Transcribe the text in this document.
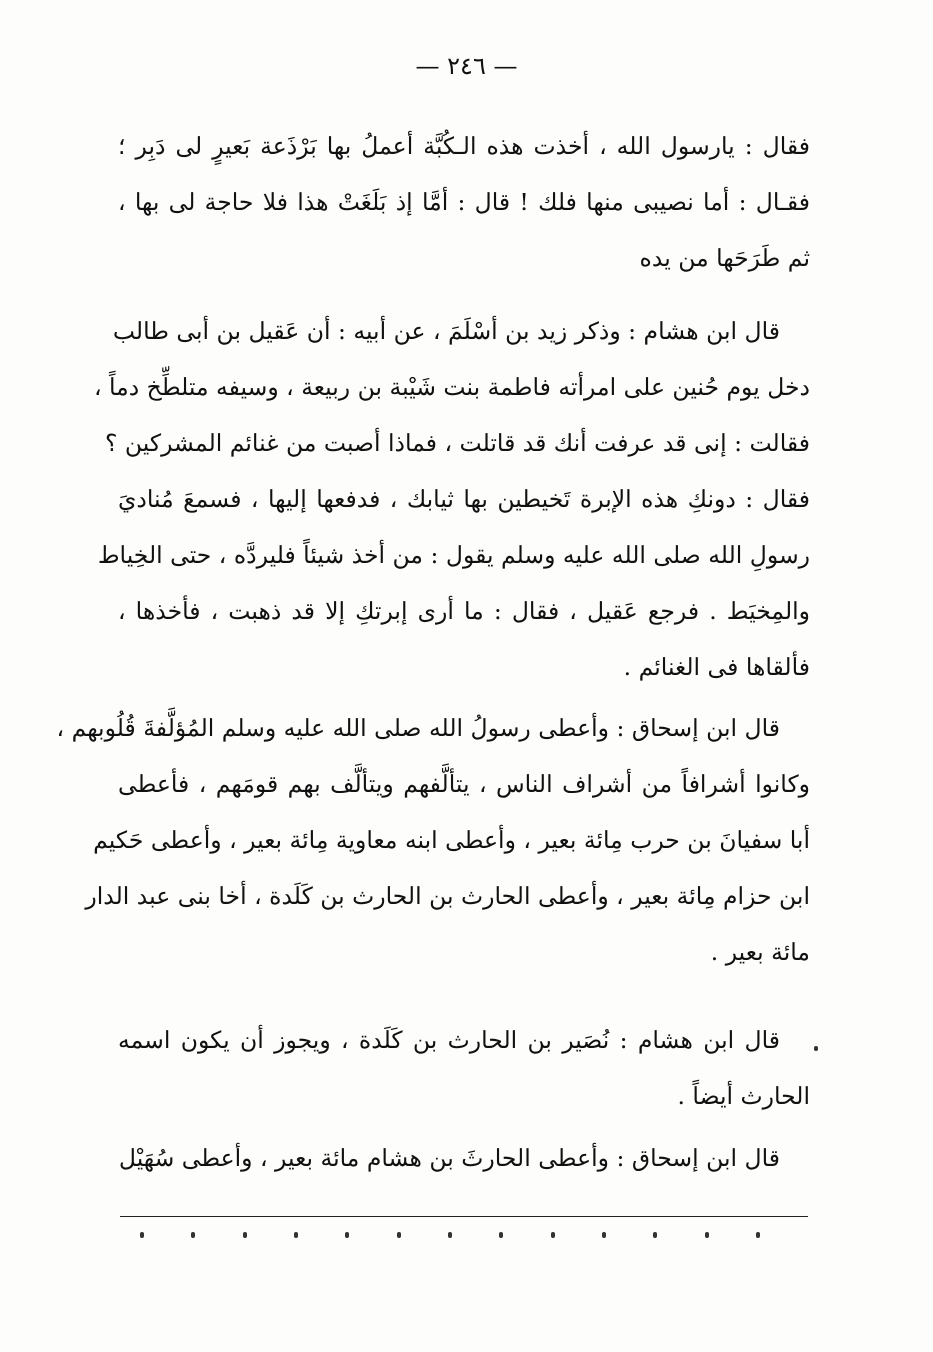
— ٢٤٦ —
فقال : يارسول الله ، أخذت هذه الـكُبَّة أعملُ بها بَرْذَعة بَعيرٍ لى دَبِر ؛
فقـال : أما نصيبى منها فلك ! قال : أمَّا إذ بَلَغَتْ هذا فلا حاجة لى بها ،
ثم طَرَحَها من يده
قال ابن هشام : وذكر زيد بن أسْلَمَ ، عن أبيه : أن عَقيل بن أبى طالب
دخل يوم حُنين على امرأته فاطمة بنت شَيْبة بن ربيعة ، وسيفه متلطِّخ دماً ،
فقالت : إنى قد عرفت أنك قد قاتلت ، فماذا أصبت من غنائم المشركين ؟
فقال : دونكِ هذه الإبرة تَخيطين بها ثيابك ، فدفعها إليها ، فسمعَ مُناديَ
رسولِ الله صلى الله عليه وسلم يقول : من أخذ شيئاً فليردَّه ، حتى الخِياط
والمِخيَط . فرجع عَقيل ، فقال : ما أرى إبرتكِ إلا قد ذهبت ، فأخذها ،
فألقاها فى الغنائم .
قال ابن إسحاق : وأعطى رسولُ الله صلى الله عليه وسلم المُؤلَّفةَ قُلُوبهم ،
وكانوا أشرافاً من أشراف الناس ، يتألَّفهم ويتألَّف بهم قومَهم ، فأعطى
أبا سفيانَ بن حرب مِائة بعير ، وأعطى ابنه معاوية مِائة بعير ، وأعطى حَكيم
ابن حزام مِائة بعير ، وأعطى الحارث بن الحارث بن كَلَدة ، أخا بنى عبد الدار
مائة بعير .
قال ابن هشام : نُصَير بن الحارث بن كَلَدة ، ويجوز أن يكون اسمه
الحارث أيضاً .
قال ابن إسحاق : وأعطى الحارثَ بن هشام مائة بعير ، وأعطى سُهَيْل
